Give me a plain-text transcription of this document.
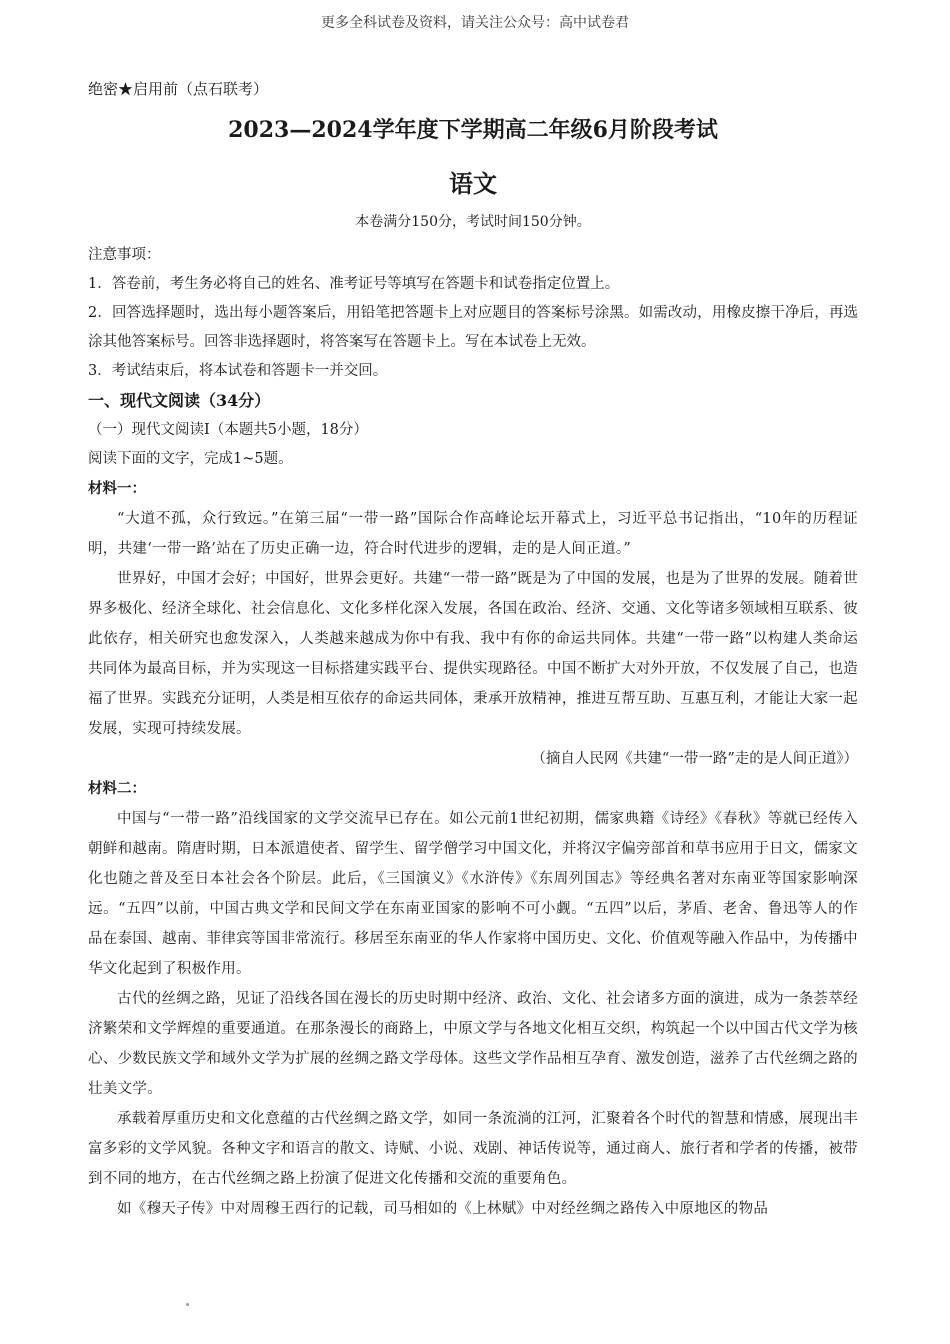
更多全科试卷及资料，请关注公众号：高中试卷君

绝密★启用前（点石联考）

2023—2024学年度下学期高二年级6月阶段考试
语文

本卷满分150分，考试时间150分钟。

注意事项：

1．答卷前，考生务必将自己的姓名、准考证号等填写在答题卡和试卷指定位置上。

2．回答选择题时，选出每小题答案后，用铅笔把答题卡上对应题目的答案标号涂黑。如需改动，用橡皮擦干净后，再选涂其他答案标号。回答非选择题时，将答案写在答题卡上。写在本试卷上无效。

3．考试结束后，将本试卷和答题卡一并交回。

一、现代文阅读（34分）

（一）现代文阅读Ⅰ（本题共5小题，18分）

阅读下面的文字，完成1~5题。

材料一：

“大道不孤，众行致远。”在第三届“一带一路”国际合作高峰论坛开幕式上，习近平总书记指出，“10年的历程证明，共建‘一带一路’站在了历史正确一边，符合时代进步的逻辑，走的是人间正道。”

世界好，中国才会好；中国好，世界会更好。共建“一带一路”既是为了中国的发展，也是为了世界的发展。随着世界多极化、经济全球化、社会信息化、文化多样化深入发展，各国在政治、经济、交通、文化等诸多领域相互联系、彼此依存，相关研究也愈发深入，人类越来越成为你中有我、我中有你的命运共同体。共建“一带一路”以构建人类命运共同体为最高目标，并为实现这一目标搭建实践平台、提供实现路径。中国不断扩大对外开放，不仅发展了自己，也造福了世界。实践充分证明，人类是相互依存的命运共同体，秉承开放精神，推进互帮互助、互惠互利，才能让大家一起发展，实现可持续发展。

（摘自人民网《共建“一带一路”走的是人间正道》）

材料二：

中国与“一带一路”沿线国家的文学交流早已存在。如公元前1世纪初期，儒家典籍《诗经》《春秋》等就已经传入朝鲜和越南。隋唐时期，日本派遣使者、留学生、留学僧学习中国文化，并将汉字偏旁部首和草书应用于日文，儒家文化也随之普及至日本社会各个阶层。此后，《三国演义》《水浒传》《东周列国志》等经典名著对东南亚等国家影响深远。“五四”以前，中国古典文学和民间文学在东南亚国家的影响不可小觑。“五四”以后，茅盾、老舍、鲁迅等人的作品在泰国、越南、菲律宾等国非常流行。移居至东南亚的华人作家将中国历史、文化、价值观等融入作品中，为传播中华文化起到了积极作用。

古代的丝绸之路，见证了沿线各国在漫长的历史时期中经济、政治、文化、社会诸多方面的演进，成为一条荟萃经济繁荣和文学辉煌的重要通道。在那条漫长的商路上，中原文学与各地文化相互交织，构筑起一个以中国古代文学为核心、少数民族文学和域外文学为扩展的丝绸之路文学母体。这些文学作品相互孕育、激发创造，滋养了古代丝绸之路的壮美文学。

承载着厚重历史和文化意蕴的古代丝绸之路文学，如同一条流淌的江河，汇聚着各个时代的智慧和情感，展现出丰富多彩的文学风貌。各种文字和语言的散文、诗赋、小说、戏剧、神话传说等，通过商人、旅行者和学者的传播，被带到不同的地方，在古代丝绸之路上扮演了促进文化传播和交流的重要角色。

如《穆天子传》中对周穆王西行的记载，司马相如的《上林赋》中对经丝绸之路传入中原地区的物品
